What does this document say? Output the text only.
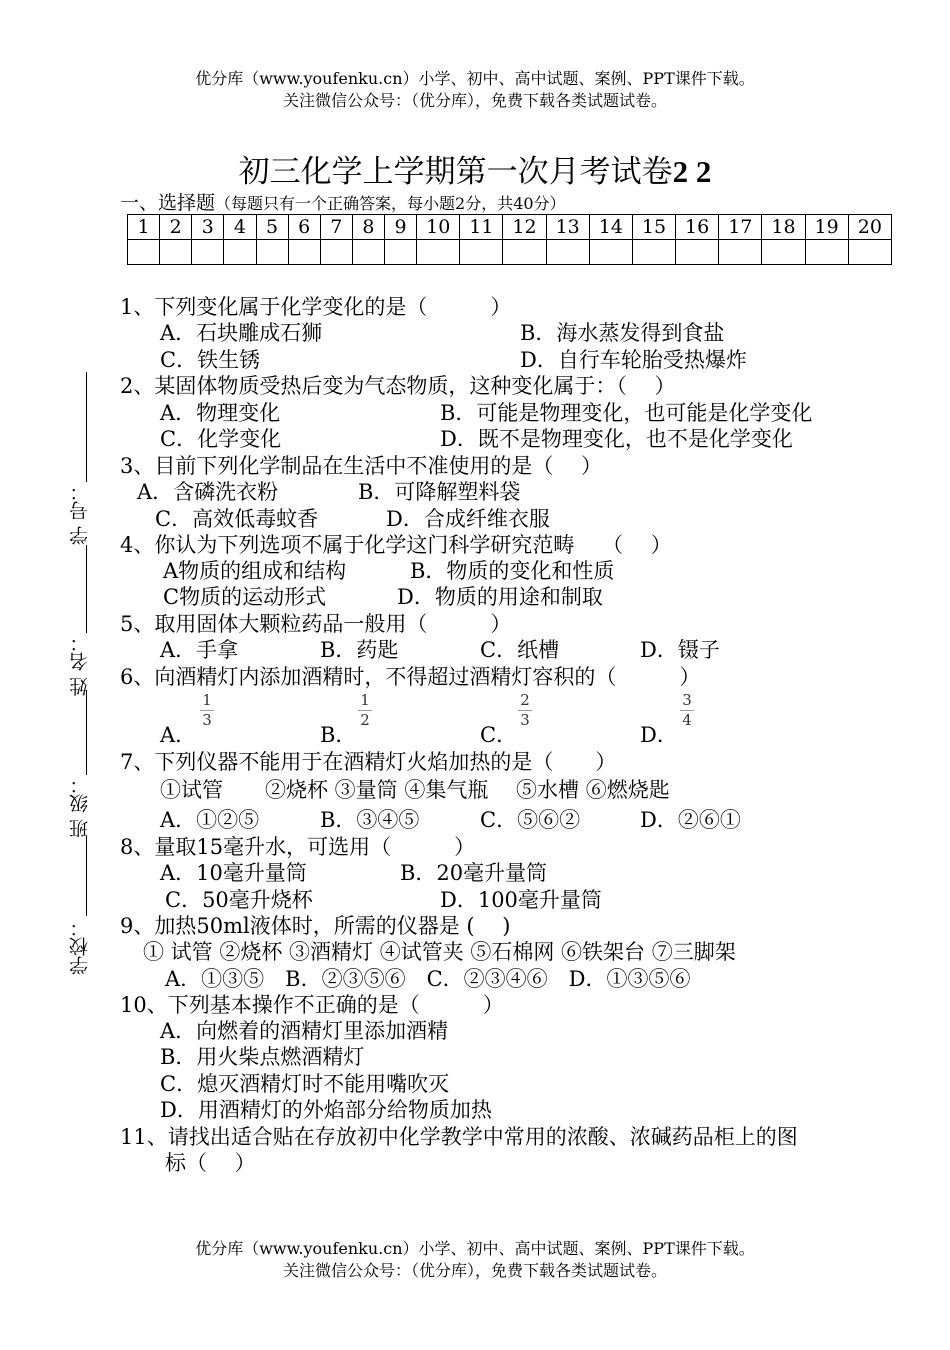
优分库（www.youfenku.cn）小学、初中、高中试题、案例、PPT课件下载。
关注微信公众号：（优分库），免费下载各类试题试卷。
初三化学上学期第一次月考试卷2 2
一、选择题（每题只有一个正确答案，每小题2分，共40分）
1	2	3	4	5	6	7	8	9	10	11	12	13	14	15	16	17	18	19	20

学 号：
姓 名：
班 级：
学校：
1、下列变化属于化学变化的是（　　　）
A．石块雕成石狮	B．海水蒸发得到食盐
C．铁生锈	D．自行车轮胎受热爆炸
2、某固体物质受热后变为气态物质，这种变化属于：（　 ）
A．物理变化	B．可能是物理变化，也可能是化学变化
C．化学变化	D．既不是物理变化，也不是化学变化
3、目前下列化学制品在生活中不准使用的是（　 ）
A．含磷洗衣粉	B．可降解塑料袋
C．高效低毒蚊香	D．合成纤维衣服
4、你认为下列选项不属于化学这门科学研究范畴　 （　 ）
A物质的组成和结构	B．物质的变化和性质
C物质的运动形式	D．物质的用途和制取
5、取用固体大颗粒药品一般用（　　　）
A．手拿	B．药匙	C．纸槽	D．镊子
6、向酒精灯内添加酒精时，不得超过酒精灯容积的（　　　）
A．
1
3
B．
1
2
C．
2
3
D．
3
4
7、下列仪器不能用于在酒精灯火焰加热的是（　　）
①试管　　②烧杯 ③量筒 ④集气瓶　 ⑤水槽 ⑥燃烧匙
A．①②⑤	B．③④⑤	C．⑤⑥②	D．②⑥①
8、量取15毫升水，可选用（　　　）
A．10毫升量筒	B．20毫升量筒
C．50毫升烧杯	D．100毫升量筒
9、加热50ml液体时，所需的仪器是 (　 )
① 试管 ②烧杯 ③酒精灯 ④试管夹 ⑤石棉网 ⑥铁架台 ⑦三脚架
A．①③⑤　B．②③⑤⑥　C．②③④⑥　D．①③⑤⑥
10、下列基本操作不正确的是（　　　）
A．向燃着的酒精灯里添加酒精
B．用火柴点燃酒精灯
C．熄灭酒精灯时不能用嘴吹灭
D．用酒精灯的外焰部分给物质加热
11、请找出适合贴在存放初中化学教学中常用的浓酸、浓碱药品柜上的图
标（　 ）
优分库（www.youfenku.cn）小学、初中、高中试题、案例、PPT课件下载。
关注微信公众号：（优分库），免费下载各类试题试卷。
